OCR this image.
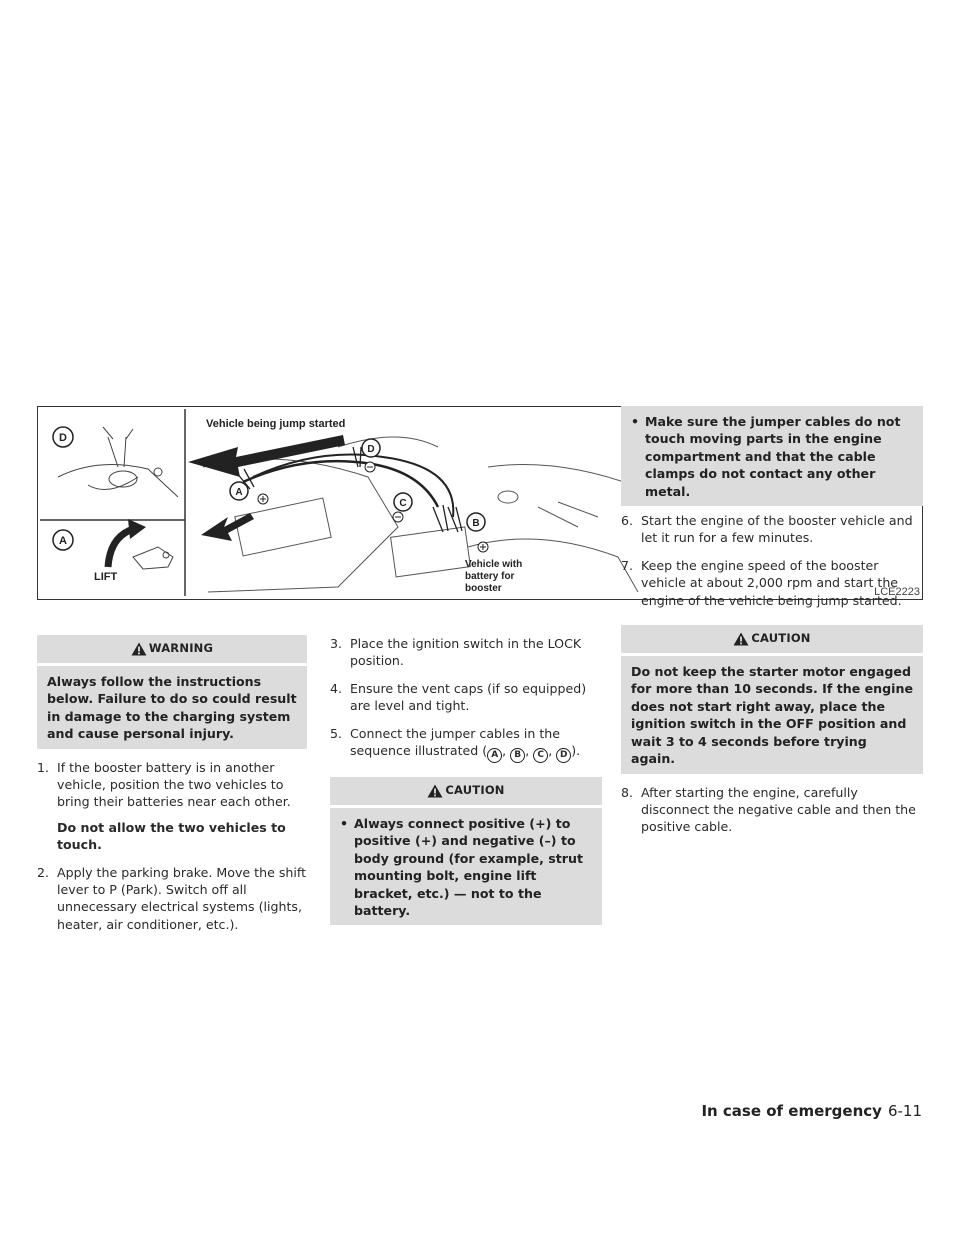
D
A
LIFT
A
B
C
D
Vehicle being jump started
Vehicle with
battery for
booster	LCE2223
WARNING
Always follow the instructions below. Failure to do so could result in damage to the charging system and cause personal injury.
1. If the booster battery is in another vehicle, position the two vehicles to bring their batteries near each other.
Do not allow the two vehicles to touch.
2. Apply the parking brake. Move the shift lever to P (Park). Switch off all unnecessary electrical systems (lights, heater, air conditioner, etc.).
3. Place the ignition switch in the LOCK position.
4. Ensure the vent caps (if so equipped) are level and tight.
5. Connect the jumper cables in the sequence illustrated ( A , B , C , D ).
CAUTION
• Always connect positive (+) to positive (+) and negative (–) to body ground (for example, strut mounting bolt, engine lift bracket, etc.) — not to the battery.
• Make sure the jumper cables do not touch moving parts in the engine compartment and that the cable clamps do not contact any other metal.
6. Start the engine of the booster vehicle and let it run for a few minutes.
7. Keep the engine speed of the booster vehicle at about 2,000 rpm and start the engine of the vehicle being jump started.
CAUTION
Do not keep the starter motor engaged for more than 10 seconds. If the engine does not start right away, place the ignition switch in the OFF position and wait 3 to 4 seconds before trying again.
8. After starting the engine, carefully disconnect the negative cable and then the positive cable.
In case of emergency 6-11
